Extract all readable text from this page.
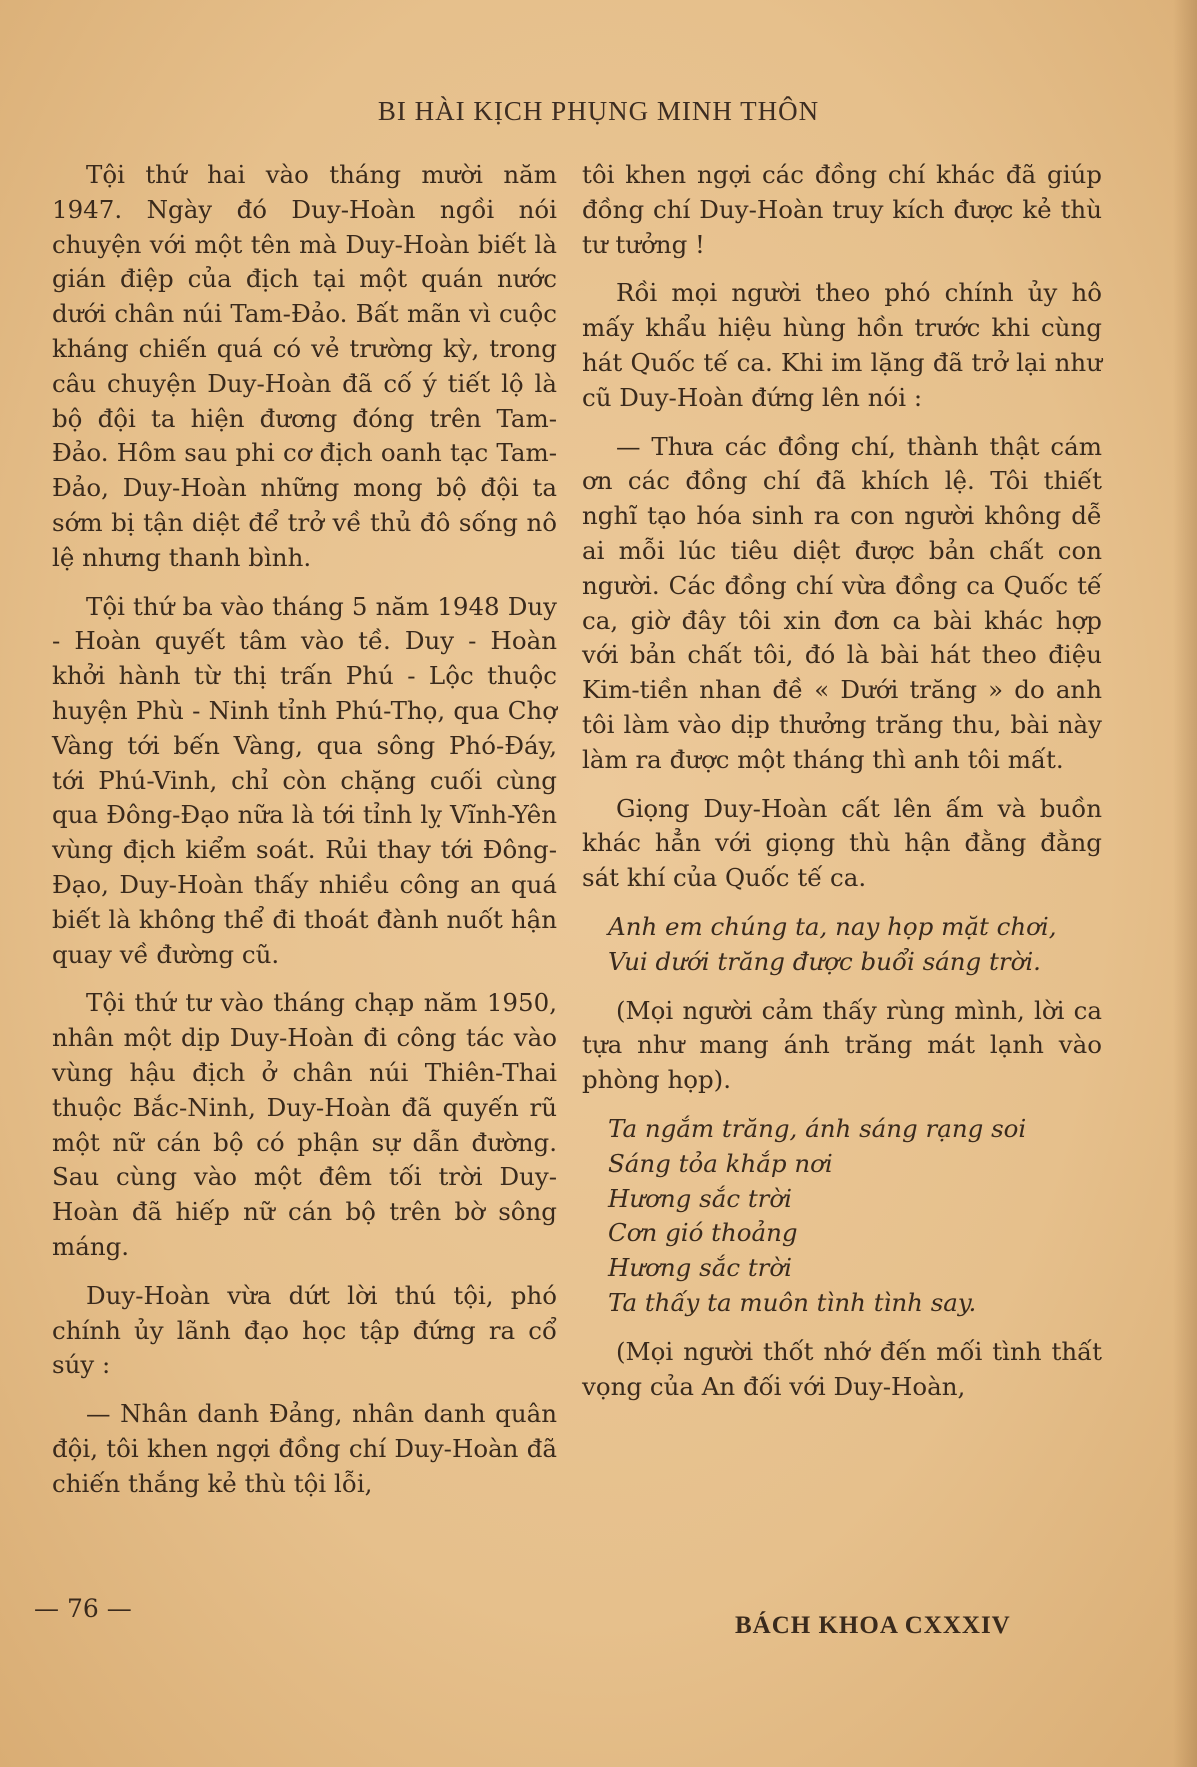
BI HÀI KỊCH PHỤNG MINH THÔN

Tội thứ hai vào tháng mười năm 1947. Ngày đó Duy-Hoàn ngồi nói chuyện với một tên mà Duy-Hoàn biết là gián điệp của địch tại một quán nước dưới chân núi Tam-Đảo. Bất mãn vì cuộc kháng chiến quá có vẻ trường kỳ, trong câu chuyện Duy-Hoàn đã cố ý tiết lộ là bộ đội ta hiện đương đóng trên Tam-Đảo. Hôm sau phi cơ địch oanh tạc Tam-Đảo, Duy-Hoàn những mong bộ đội ta sớm bị tận diệt để trở về thủ đô sống nô lệ nhưng thanh bình.

Tội thứ ba vào tháng 5 năm 1948 Duy - Hoàn quyết tâm vào tề. Duy - Hoàn khởi hành từ thị trấn Phú - Lộc thuộc huyện Phù - Ninh tỉnh Phú-Thọ, qua Chợ Vàng tới bến Vàng, qua sông Phó-Đáy, tới Phú-Vinh, chỉ còn chặng cuối cùng qua Đông-Đạo nữa là tới tỉnh lỵ Vĩnh-Yên vùng địch kiểm soát. Rủi thay tới Đông-Đạo, Duy-Hoàn thấy nhiều công an quá biết là không thể đi thoát đành nuốt hận quay về đường cũ.

Tội thứ tư vào tháng chạp năm 1950, nhân một dịp Duy-Hoàn đi công tác vào vùng hậu địch ở chân núi Thiên-Thai thuộc Bắc-Ninh, Duy-Hoàn đã quyến rũ một nữ cán bộ có phận sự dẫn đường. Sau cùng vào một đêm tối trời Duy-Hoàn đã hiếp nữ cán bộ trên bờ sông máng.

Duy-Hoàn vừa dứt lời thú tội, phó chính ủy lãnh đạo học tập đứng ra cổ súy :

— Nhân danh Đảng, nhân danh quân đội, tôi khen ngợi đồng chí Duy-Hoàn đã chiến thắng kẻ thù tội lỗi,

tôi khen ngợi các đồng chí khác đã giúp đồng chí Duy-Hoàn truy kích được kẻ thù tư tưởng !

Rồi mọi người theo phó chính ủy hô mấy khẩu hiệu hùng hồn trước khi cùng hát Quốc tế ca. Khi im lặng đã trở lại như cũ Duy-Hoàn đứng lên nói :

— Thưa các đồng chí, thành thật cám ơn các đồng chí đã khích lệ. Tôi thiết nghĩ tạo hóa sinh ra con người không dễ ai mỗi lúc tiêu diệt được bản chất con người. Các đồng chí vừa đồng ca Quốc tế ca, giờ đây tôi xin đơn ca bài khác hợp với bản chất tôi, đó là bài hát theo điệu Kim-tiền nhan đề « Dưới trăng » do anh tôi làm vào dịp thưởng trăng thu, bài này làm ra được một tháng thì anh tôi mất.

Giọng Duy-Hoàn cất lên ấm và buồn khác hẳn với giọng thù hận đằng đằng sát khí của Quốc tế ca.

Anh em chúng ta, nay họp mặt chơi,
Vui dưới trăng được buổi sáng trời.

(Mọi người cảm thấy rùng mình, lời ca tựa như mang ánh trăng mát lạnh vào phòng họp).

Ta ngắm trăng, ánh sáng rạng soi
Sáng tỏa khắp nơi
Hương sắc trời
Cơn gió thoảng
Hương sắc trời
Ta thấy ta muôn tình tình say.

(Mọi người thốt nhớ đến mối tình thất vọng của An đối với Duy-Hoàn,

— 76 —
BÁCH KHOA CXXXIV
